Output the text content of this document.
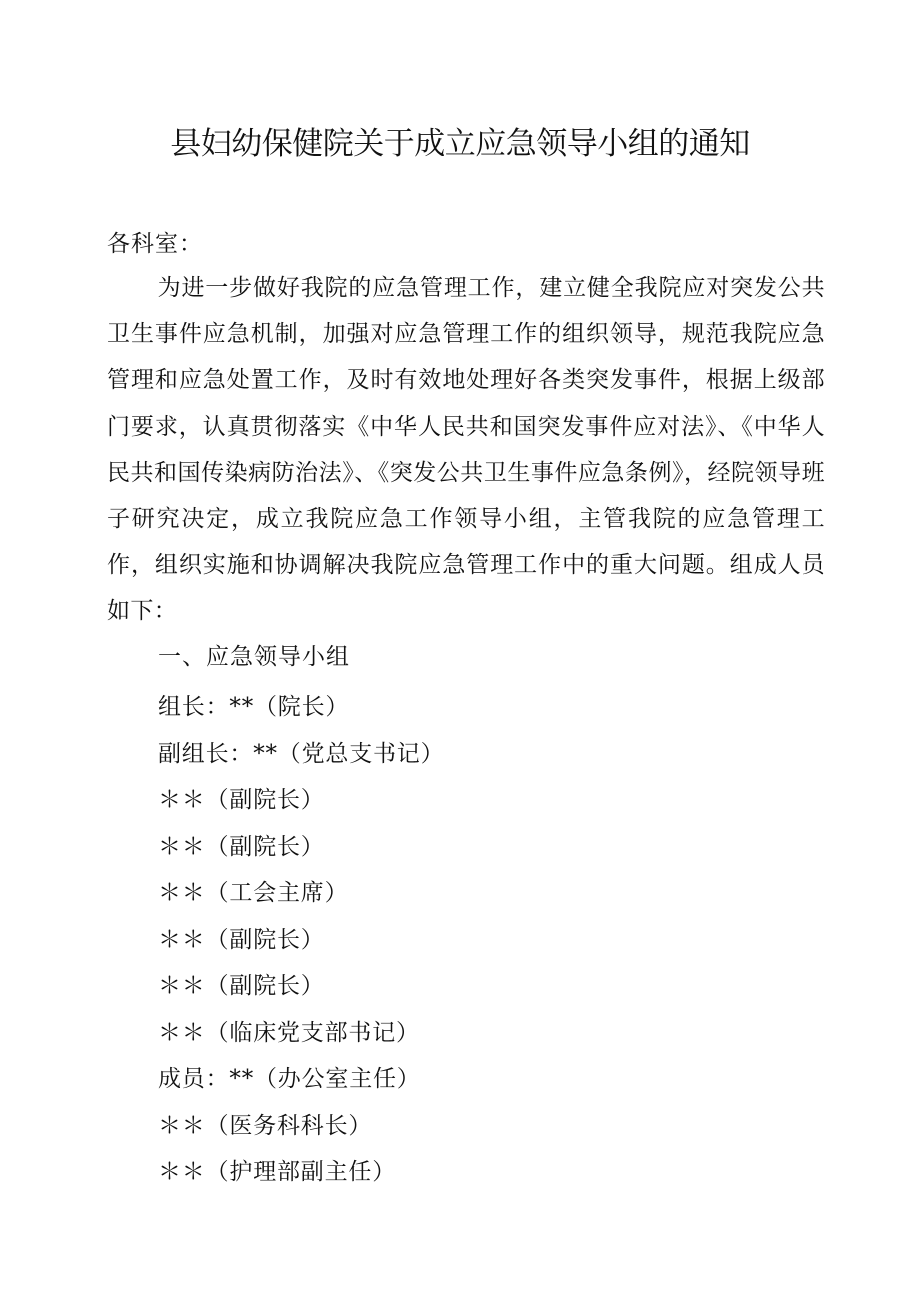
县妇幼保健院关于成立应急领导小组的通知
各科室：

为进一步做好我院的应急管理工作，建立健全我院应对突发公共卫生事件应急机制，加强对应急管理工作的组织领导，规范我院应急管理和应急处置工作，及时有效地处理好各类突发事件，根据上级部门要求，认真贯彻落实《中华人民共和国突发事件应对法》、《中华人民共和国传染病防治法》、《突发公共卫生事件应急条例》，经院领导班子研究决定，成立我院应急工作领导小组，主管我院的应急管理工作，组织实施和协调解决我院应急管理工作中的重大问题。组成人员如下：

一、应急领导小组
组长：**（院长）
副组长：**（党总支书记）
＊＊（副院长）
＊＊（副院长）
＊＊（工会主席）
＊＊（副院长）
＊＊（副院长）
＊＊（临床党支部书记）
成员：**（办公室主任）
＊＊（医务科科长）
＊＊（护理部副主任）
